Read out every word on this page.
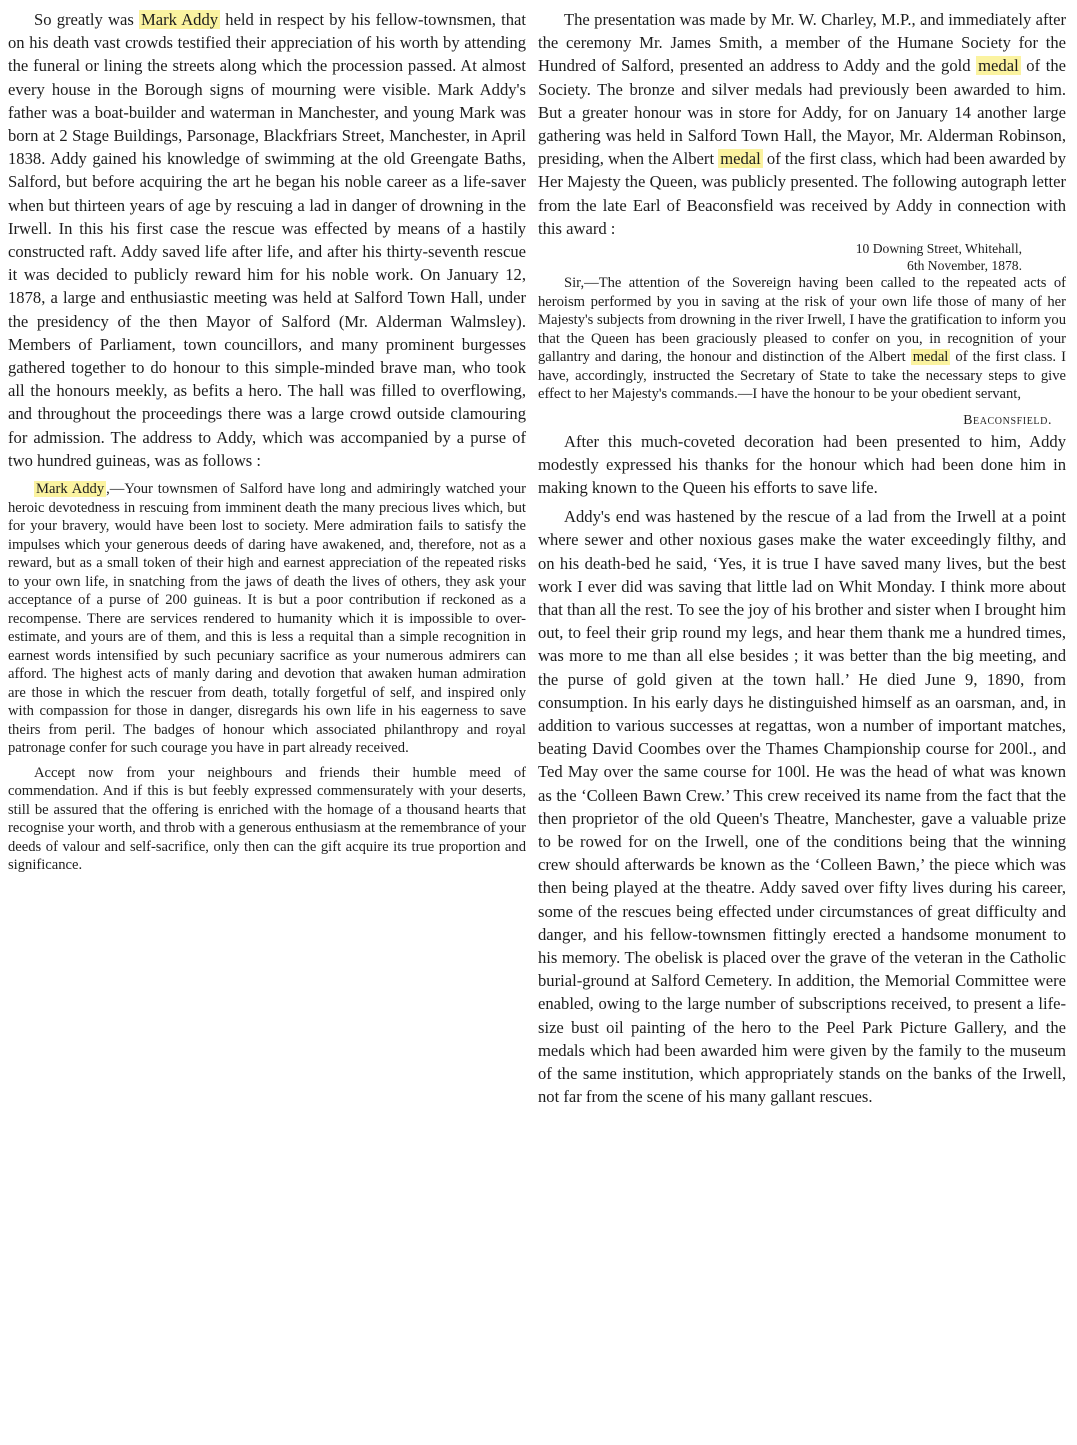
So greatly was Mark Addy held in respect by his fellow-townsmen, that on his death vast crowds testified their appreciation of his worth by attending the funeral or lining the streets along which the procession passed. At almost every house in the Borough signs of mourning were visible. Mark Addy's father was a boat-builder and waterman in Manchester, and young Mark was born at 2 Stage Buildings, Parsonage, Blackfriars Street, Manchester, in April 1838. Addy gained his knowledge of swimming at the old Greengate Baths, Salford, but before acquiring the art he began his noble career as a life-saver when but thirteen years of age by rescuing a lad in danger of drowning in the Irwell. In this his first case the rescue was effected by means of a hastily constructed raft. Addy saved life after life, and after his thirty-seventh rescue it was decided to publicly reward him for his noble work. On January 12, 1878, a large and enthusiastic meeting was held at Salford Town Hall, under the presidency of the then Mayor of Salford (Mr. Alderman Walmsley). Members of Parliament, town councillors, and many prominent burgesses gathered together to do honour to this simple-minded brave man, who took all the honours meekly, as befits a hero. The hall was filled to overflowing, and throughout the proceedings there was a large crowd outside clamouring for admission. The address to Addy, which was accompanied by a purse of two hundred guineas, was as follows :

Mark Addy ,—Your townsmen of Salford have long and admiringly watched your heroic devotedness in rescuing from imminent death the many precious lives which, but for your bravery, would have been lost to society. Mere admiration fails to satisfy the impulses which your generous deeds of daring have awakened, and, therefore, not as a reward, but as a small token of their high and earnest appreciation of the repeated risks to your own life, in snatching from the jaws of death the lives of others, they ask your acceptance of a purse of 200 guineas. It is but a poor contribution if reckoned as a recompense. There are services rendered to humanity which it is impossible to over-estimate, and yours are of them, and this is less a requital than a simple recognition in earnest words intensified by such pecuniary sacrifice as your numerous admirers can afford. The highest acts of manly daring and devotion that awaken human admiration are those in which the rescuer from death, totally forgetful of self, and inspired only with compassion for those in danger, disregards his own life in his eagerness to save theirs from peril. The badges of honour which associated philanthropy and royal patronage confer for such courage you have in part already received.

Accept now from your neighbours and friends their humble meed of commendation. And if this is but feebly expressed commensurately with your deserts, still be assured that the offering is enriched with the homage of a thousand hearts that recognise your worth, and throb with a generous enthusiasm at the remembrance of your deeds of valour and self-sacrifice, only then can the gift acquire its true proportion and significance.

The presentation was made by Mr. W. Charley, M.P., and immediately after the ceremony Mr. James Smith, a member of the Humane Society for the Hundred of Salford, presented an address to Addy and the gold medal of the Society. The bronze and silver medals had previously been awarded to him. But a greater honour was in store for Addy, for on January 14 another large gathering was held in Salford Town Hall, the Mayor, Mr. Alderman Robinson, presiding, when the Albert medal of the first class, which had been awarded by Her Majesty the Queen, was publicly presented. The following autograph letter from the late Earl of Beaconsfield was received by Addy in connection with this award :

10 Downing Street, Whitehall,
6th November, 1878.

Sir,—The attention of the Sovereign having been called to the repeated acts of heroism performed by you in saving at the risk of your own life those of many of her Majesty's subjects from drowning in the river Irwell, I have the gratification to inform you that the Queen has been graciously pleased to confer on you, in recognition of your gallantry and daring, the honour and distinction of the Albert medal of the first class. I have, accordingly, instructed the Secretary of State to take the necessary steps to give effect to her Majesty's commands.—I have the honour to be your obedient servant,

Beaconsfield.

After this much-coveted decoration had been presented to him, Addy modestly expressed his thanks for the honour which had been done him in making known to the Queen his efforts to save life.

Addy's end was hastened by the rescue of a lad from the Irwell at a point where sewer and other noxious gases make the water exceedingly filthy, and on his death-bed he said, ‘Yes, it is true I have saved many lives, but the best work I ever did was saving that little lad on Whit Monday. I think more about that than all the rest. To see the joy of his brother and sister when I brought him out, to feel their grip round my legs, and hear them thank me a hundred times, was more to me than all else besides ; it was better than the big meeting, and the purse of gold given at the town hall.’ He died June 9, 1890, from consumption. In his early days he distinguished himself as an oarsman, and, in addition to various successes at regattas, won a number of important matches, beating David Coombes over the Thames Championship course for 200l., and Ted May over the same course for 100l. He was the head of what was known as the ‘Colleen Bawn Crew.’ This crew received its name from the fact that the then proprietor of the old Queen's Theatre, Manchester, gave a valuable prize to be rowed for on the Irwell, one of the conditions being that the winning crew should afterwards be known as the ‘Colleen Bawn,’ the piece which was then being played at the theatre. Addy saved over fifty lives during his career, some of the rescues being effected under circumstances of great difficulty and danger, and his fellow-townsmen fittingly erected a handsome monument to his memory. The obelisk is placed over the grave of the veteran in the Catholic burial-ground at Salford Cemetery. In addition, the Memorial Committee were enabled, owing to the large number of subscriptions received, to present a life-size bust oil painting of the hero to the Peel Park Picture Gallery, and the medals which had been awarded him were given by the family to the museum of the same institution, which appropriately stands on the banks of the Irwell, not far from the scene of his many gallant rescues.
